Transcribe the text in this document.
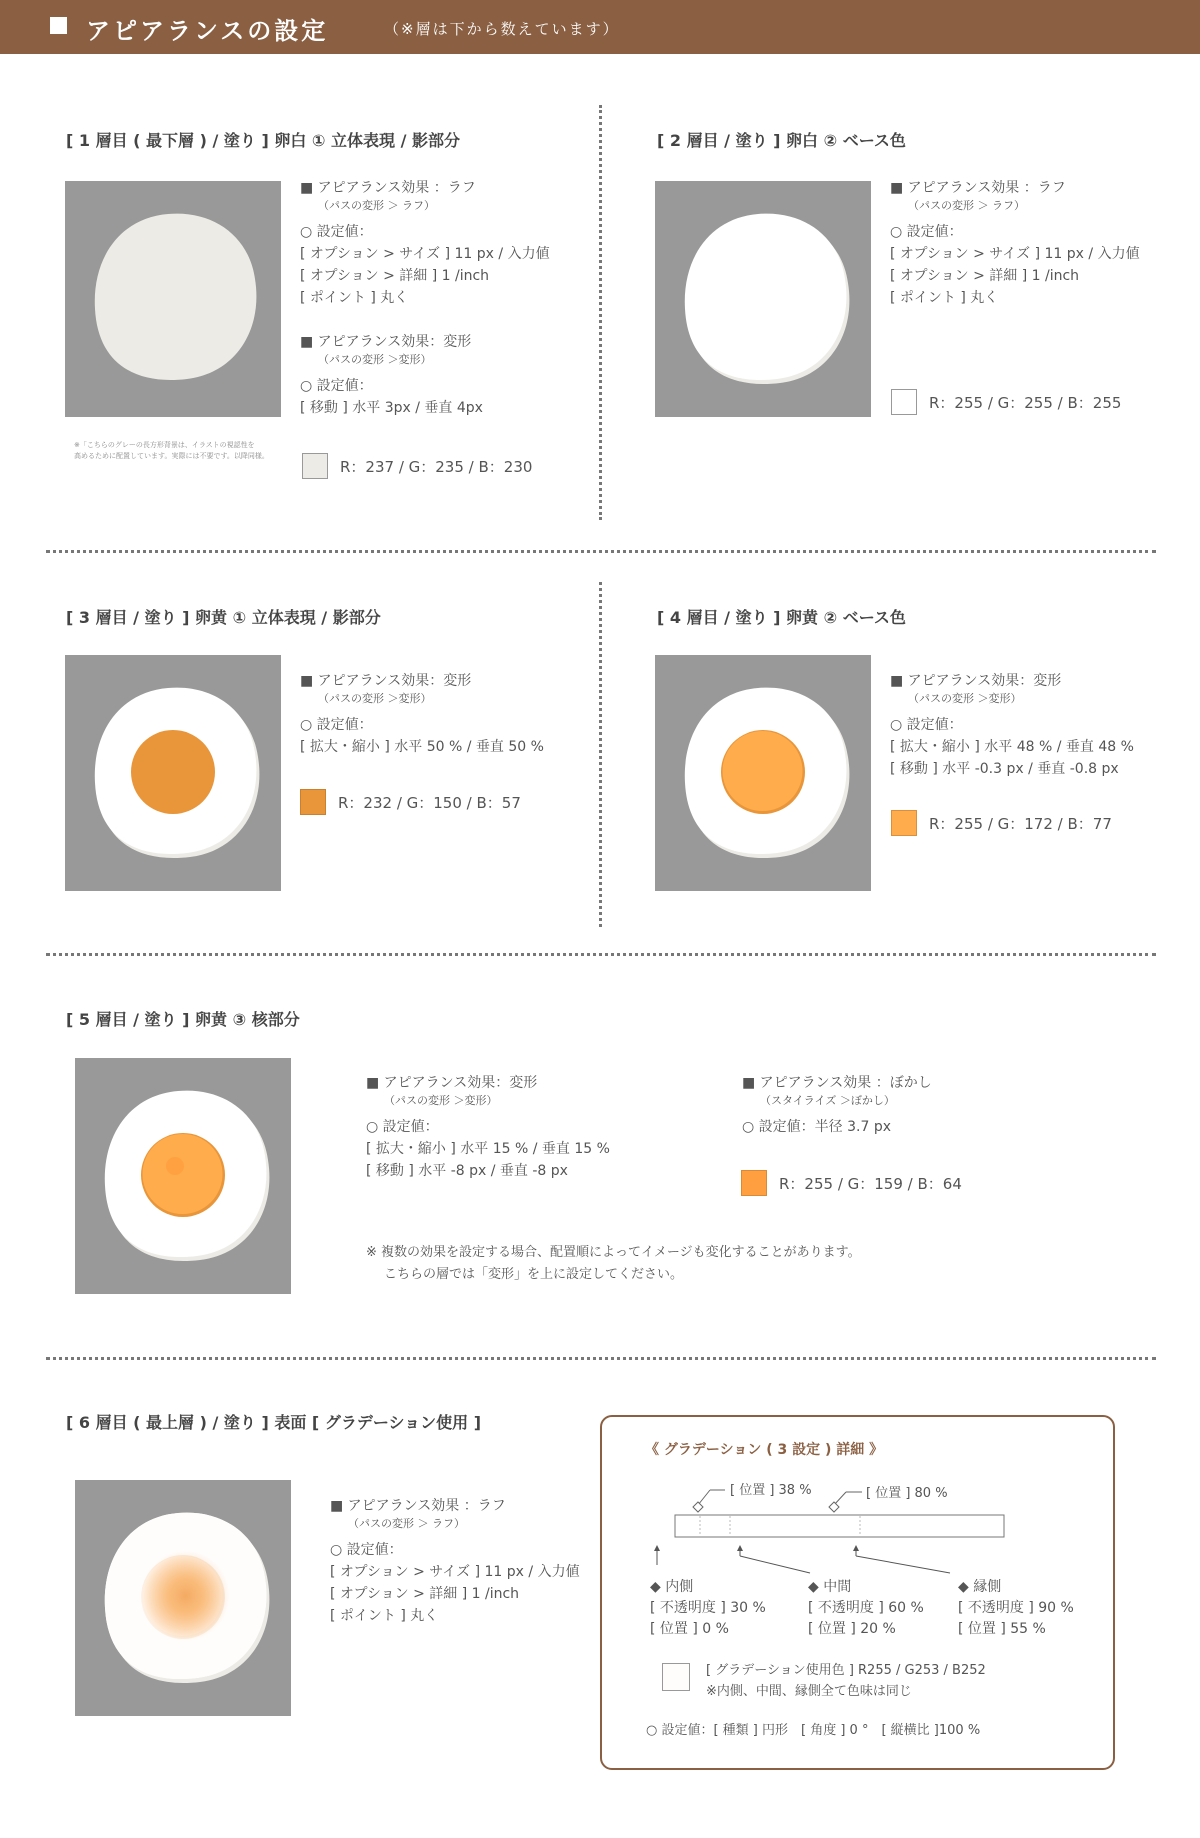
アピアランスの設定	（※層は下から数えています）
[ 1 層目 ( 最下層 ) / 塗り ] 卵白 ① 立体表現 / 影部分
※「こちらのグレーの長方形背景は、イラストの視認性を
高めるために配置しています。実際には不要です。以降同様。

■ アピアランス効果 ：ラフ

（パスの変形 ＞ ラフ）

○ 設定値：

[ オプション > サイズ ] 11 px / 入力値

[ オプション > 詳細 ] 1 /inch

[ ポイント ] 丸く

■ アピアランス効果：変形

（パスの変形 ＞変形）

○ 設定値：

[ 移動 ] 水平 3px / 垂直 4px

R：237 / G：235 / B：230
[ 2 層目 / 塗り ] 卵白 ② ベース色

■ アピアランス効果 ：ラフ

（パスの変形 ＞ ラフ）

○ 設定値：

[ オプション > サイズ ] 11 px / 入力値

[ オプション > 詳細 ] 1 /inch

[ ポイント ] 丸く

R：255 / G：255 / B：255
[ 3 層目 / 塗り ] 卵黄 ① 立体表現 / 影部分

■ アピアランス効果：変形

（パスの変形 ＞変形）

○ 設定値：

[ 拡大・縮小 ] 水平 50 % / 垂直 50 %

R：232 / G：150 / B：57
[ 4 層目 / 塗り ] 卵黄 ② ベース色

■ アピアランス効果：変形

（パスの変形 ＞変形）

○ 設定値：

[ 拡大・縮小 ] 水平 48 % / 垂直 48 %

[ 移動 ] 水平 -0.3 px / 垂直 -0.8 px

R：255 / G：172 / B：77
[ 5 層目 / 塗り ] 卵黄 ③ 核部分

■ アピアランス効果：変形

（パスの変形 ＞変形）

○ 設定値：

[ 拡大・縮小 ] 水平 15 % / 垂直 15 %

[ 移動 ] 水平 -8 px / 垂直 -8 px

■ アピアランス効果 ：ぼかし

（スタイライズ ＞ぼかし）

○ 設定値：半径 3.7 px

R：255 / G：159 / B：64
※ 複数の効果を設定する場合、配置順によってイメージも変化することがあります。
こちらの層では「変形」を上に設定してください。
[ 6 層目 ( 最上層 ) / 塗り ] 表面 [ グラデーション使用 ]

■ アピアランス効果 ：ラフ

（パスの変形 ＞ ラフ）

○ 設定値：

[ オプション > サイズ ] 11 px / 入力値

[ オプション > 詳細 ] 1 /inch

[ ポイント ] 丸く

《 グラデーション ( 3 設定 ) 詳細 》
[ 位置 ] 38 %	[ 位置 ] 80 %
◆ 内側
[ 不透明度 ] 30 %
[ 位置 ] 0 %
◆ 中間
[ 不透明度 ] 60 %
[ 位置 ] 20 %
◆ 縁側
[ 不透明度 ] 90 %
[ 位置 ] 55 %
[ グラデーション使用色 ] R255 / G253 / B252
※内側、中間、縁側全て色味は同じ
○ 設定値：[ 種類 ] 円形　[ 角度 ] 0 °　[ 縦横比 ]100 %
